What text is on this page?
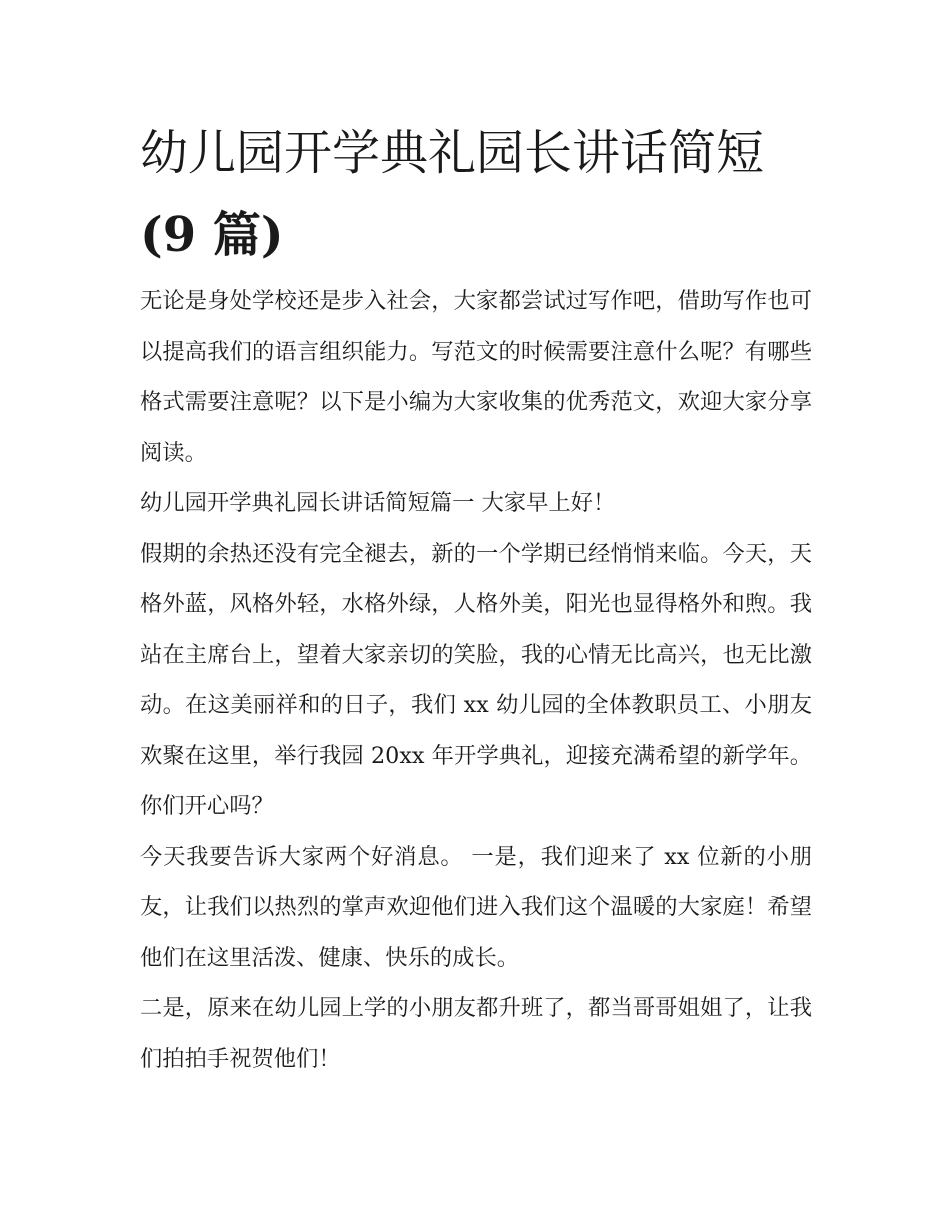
幼儿园开学典礼园长讲话简短
(9 篇)

无论是身处学校还是步入社会，大家都尝试过写作吧，借助写作也可以提高我们的语言组织能力。写范文的时候需要注意什么呢？有哪些格式需要注意呢？以下是小编为大家收集的优秀范文，欢迎大家分享阅读。

幼儿园开学典礼园长讲话简短篇一 大家早上好！

假期的余热还没有完全褪去，新的一个学期已经悄悄来临。今天，天格外蓝，风格外轻，水格外绿，人格外美，阳光也显得格外和煦。我站在主席台上，望着大家亲切的笑脸，我的心情无比高兴，也无比激动。在这美丽祥和的日子，我们 xx 幼儿园的全体教职员工、小朋友欢聚在这里，举行我园 20xx 年开学典礼，迎接充满希望的新学年。你们开心吗？

今天我要告诉大家两个好消息。 一是，我们迎来了 xx 位新的小朋友，让我们以热烈的掌声欢迎他们进入我们这个温暖的大家庭！希望他们在这里活泼、健康、快乐的成长。

二是，原来在幼儿园上学的小朋友都升班了，都当哥哥姐姐了，让我们拍拍手祝贺他们！
